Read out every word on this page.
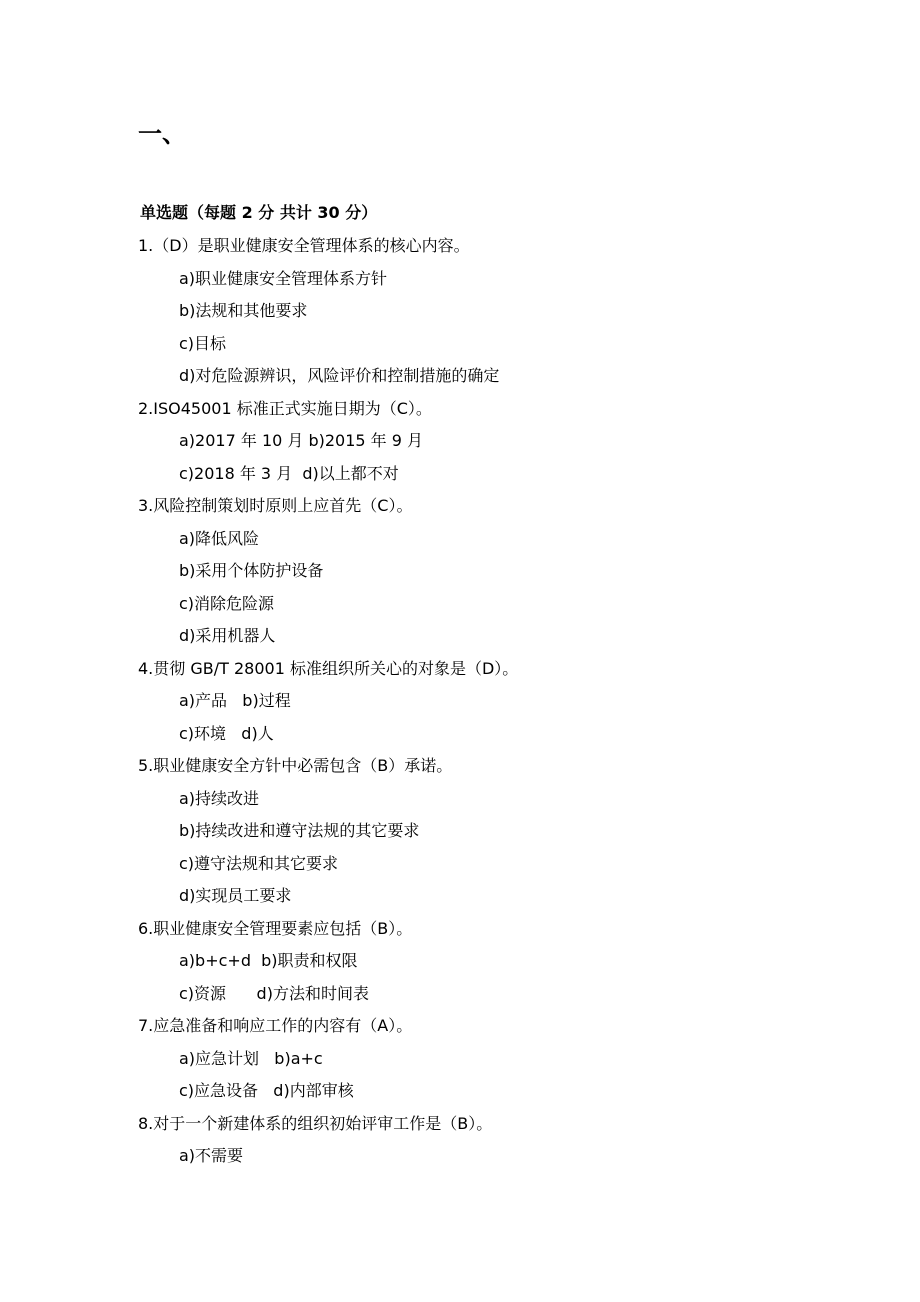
一、
单选题（每题 2 分 共计 30 分）
1.（D）是职业健康安全管理体系的核心内容。
a)职业健康安全管理体系方针
b)法规和其他要求
c)目标
d)对危险源辨识，风险评价和控制措施的确定
2.ISO45001 标准正式实施日期为（C）。
a)2017 年 10 月 b)2015 年 9 月
c)2018 年 3 月  d)以上都不对
3.风险控制策划时原则上应首先（C）。
a)降低风险
b)采用个体防护设备
c)消除危险源
d)采用机器人
4.贯彻 GB/T 28001 标准组织所关心的对象是（D）。
a)产品   b)过程
c)环境   d)人
5.职业健康安全方针中必需包含（B）承诺。
a)持续改进
b)持续改进和遵守法规的其它要求
c)遵守法规和其它要求
d)实现员工要求
6.职业健康安全管理要素应包括（B）。
a)b+c+d  b)职责和权限
c)资源      d)方法和时间表
7.应急准备和响应工作的内容有（A）。
a)应急计划   b)a+c
c)应急设备   d)内部审核
8.对于一个新建体系的组织初始评审工作是（B）。
a)不需要
